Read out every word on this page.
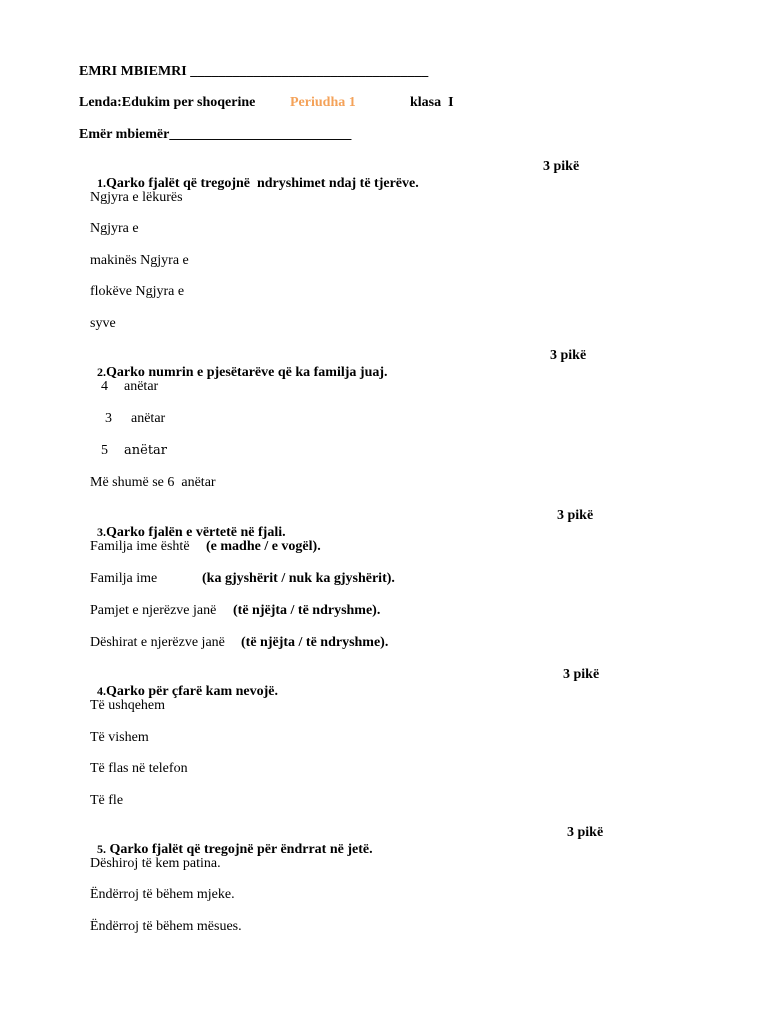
EMRI MBIEMRI __________________________________
Lenda:Edukim per shoqerine Periudha 1	klasa  I
Emër mbiemër__________________________

1.Qarko fjalët që tregojnë  ndryshimet ndaj të tjerëve.

3 pikë
Ngjyra e lëkurës
Ngjyra e
makinës Ngjyra e
flokëve Ngjyra e
syve

2.Qarko numrin e pjesëtarëve që ka familja juaj.

3 pikë
4 anëtar
3 anëtar
5 anëtar
Më shumë se 6  anëtar

3.Qarko fjalën e vërtetë në fjali.

3 pikë
Familja ime është (e madhe / e vogël).
Familja ime	(ka gjyshërit / nuk ka gjyshërit).
Pamjet e njerëzve janë (të njëjta / të ndryshme).
Dëshirat e njerëzve janë (të njëjta / të ndryshme).

4.Qarko për çfarë kam nevojë.

3 pikë
Të ushqehem
Të vishem
Të flas në telefon
Të fle

5. Qarko fjalët që tregojnë për ëndrrat në jetë.

3 pikë
Dëshiroj të kem patina.
Ëndërroj të bëhem mjeke.
Ëndërroj të bëhem mësues.
